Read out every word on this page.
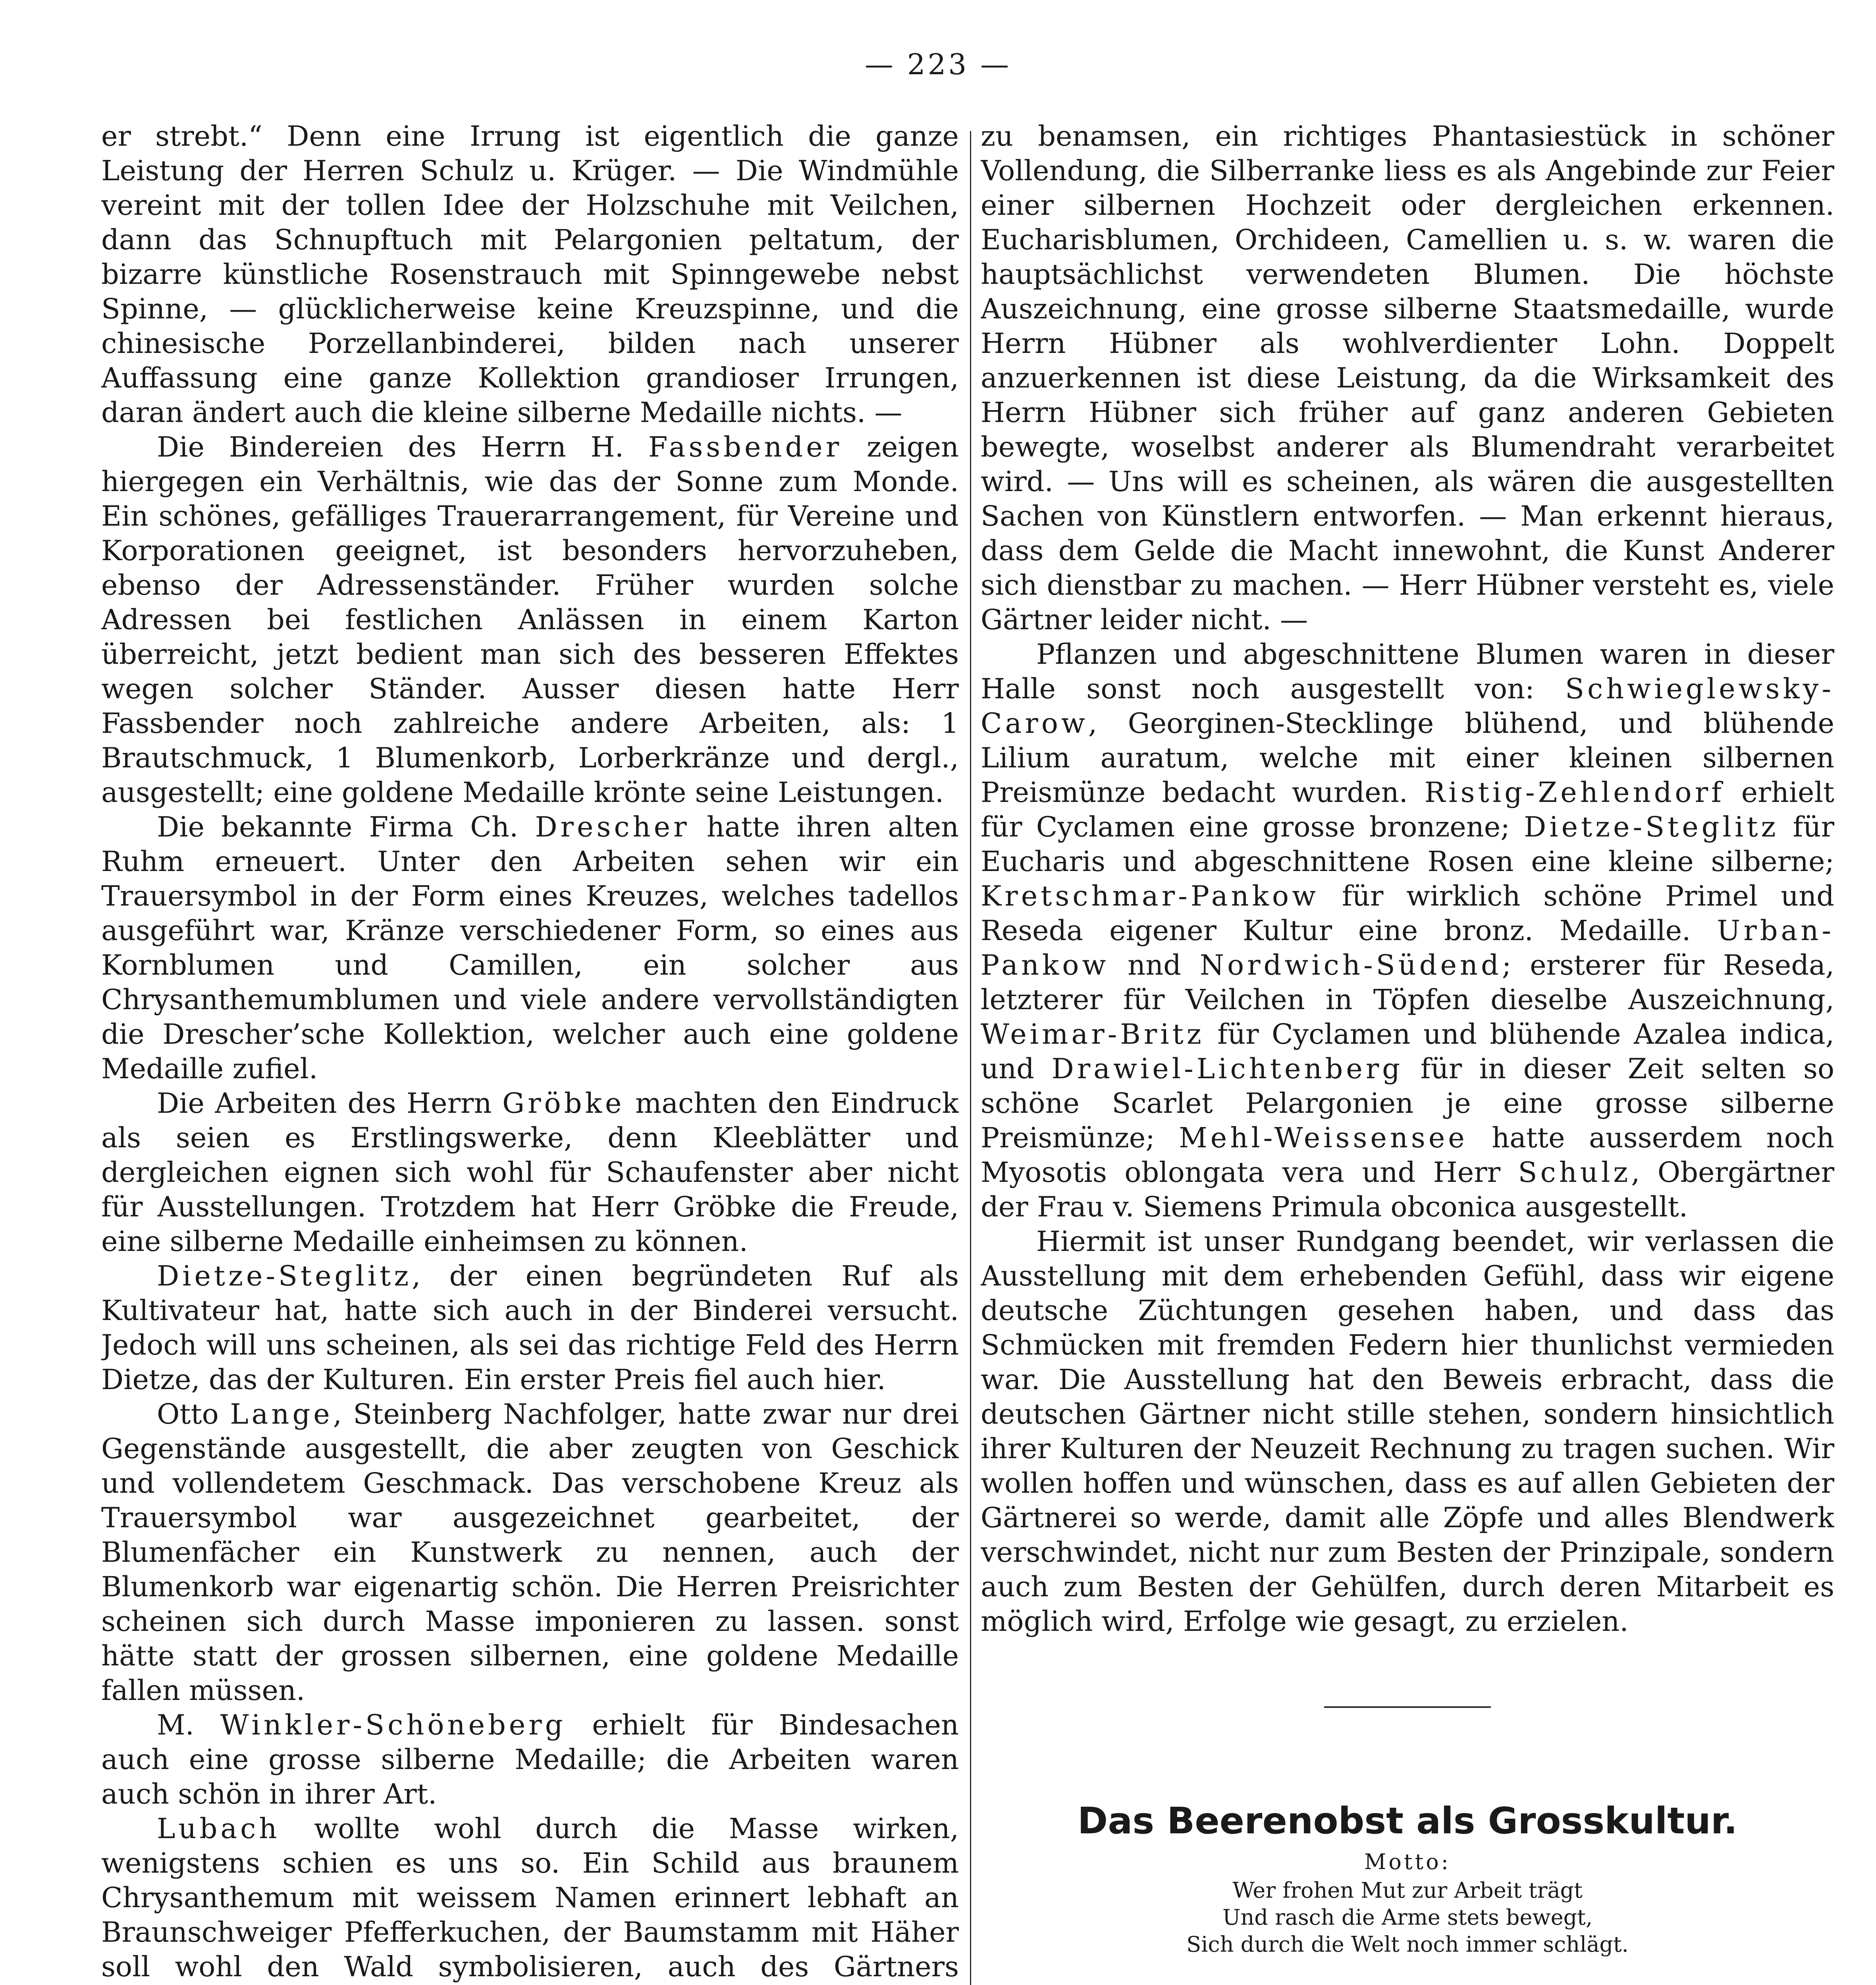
— 223 —

er strebt.“ Denn eine Irrung ist eigentlich die ganze Leistung der Herren Schulz u. Krüger. — Die Windmühle vereint mit der tollen Idee der Holzschuhe mit Veilchen, dann das Schnupftuch mit Pelargonien peltatum, der bizarre künstliche Rosenstrauch mit Spinngewebe nebst Spinne, — glücklicherweise keine Kreuzspinne, und die chinesische Porzellanbinderei, bilden nach unserer Auffassung eine ganze Kollektion grandioser Irrungen, daran ändert auch die kleine silberne Medaille nichts. —

Die Bindereien des Herrn H. Fassbender zeigen hiergegen ein Verhältnis, wie das der Sonne zum Monde. Ein schönes, gefälliges Trauerarrangement, für Vereine und Korporationen geeignet, ist besonders hervorzuheben, ebenso der Adressenständer. Früher wurden solche Adressen bei festlichen Anlässen in einem Karton überreicht, jetzt bedient man sich des besseren Effektes wegen solcher Ständer. Ausser diesen hatte Herr Fassbender noch zahlreiche andere Arbeiten, als: 1 Brautschmuck, 1 Blumenkorb, Lorberkränze und dergl., ausgestellt; eine goldene Medaille krönte seine Leistungen.

Die bekannte Firma Ch. Drescher hatte ihren alten Ruhm erneuert. Unter den Arbeiten sehen wir ein Trauersymbol in der Form eines Kreuzes, welches tadellos ausgeführt war, Kränze verschiedener Form, so eines aus Kornblumen und Camillen, ein solcher aus Chrysanthemumblumen und viele andere vervollständigten die Drescher’sche Kollektion, welcher auch eine goldene Medaille zufiel.

Die Arbeiten des Herrn Gröbke machten den Eindruck als seien es Erstlingswerke, denn Kleeblätter und dergleichen eignen sich wohl für Schaufenster aber nicht für Ausstellungen. Trotzdem hat Herr Gröbke die Freude, eine silberne Medaille einheimsen zu können.

Dietze-Steglitz, der einen begründeten Ruf als Kultivateur hat, hatte sich auch in der Binderei versucht. Jedoch will uns scheinen, als sei das richtige Feld des Herrn Dietze, das der Kulturen. Ein erster Preis fiel auch hier.

Otto Lange, Steinberg Nachfolger, hatte zwar nur drei Gegenstände ausgestellt, die aber zeugten von Geschick und vollendetem Geschmack. Das verschobene Kreuz als Trauersymbol war ausgezeichnet gearbeitet, der Blumenfächer ein Kunstwerk zu nennen, auch der Blumenkorb war eigenartig schön. Die Herren Preisrichter scheinen sich durch Masse imponieren zu lassen. sonst hätte statt der grossen silbernen, eine goldene Medaille fallen müssen.

M. Winkler-Schöneberg erhielt für Bindesachen auch eine grosse silberne Medaille; die Arbeiten waren auch schön in ihrer Art.

Lubach wollte wohl durch die Masse wirken, wenigstens schien es uns so. Ein Schild aus braunem Chrysanthemum mit weissem Namen erinnert lebhaft an Braunschweiger Pfefferkuchen, der Baumstamm mit Häher soll wohl den Wald symbolisieren, auch des Gärtners

zu benamsen, ein richtiges Phantasiestück in schöner Vollendung, die Silberranke liess es als Angebinde zur Feier einer silbernen Hochzeit oder dergleichen erkennen. Eucharisblumen, Orchideen, Camellien u. s. w. waren die hauptsächlichst verwendeten Blumen. Die höchste Auszeichnung, eine grosse silberne Staatsmedaille, wurde Herrn Hübner als wohlverdienter Lohn. Doppelt anzuerkennen ist diese Leistung, da die Wirksamkeit des Herrn Hübner sich früher auf ganz anderen Gebieten bewegte, woselbst anderer als Blumendraht verarbeitet wird. — Uns will es scheinen, als wären die ausgestellten Sachen von Künstlern entworfen. — Man erkennt hieraus, dass dem Gelde die Macht innewohnt, die Kunst Anderer sich dienstbar zu machen. — Herr Hübner versteht es, viele Gärtner leider nicht. —

Pflanzen und abgeschnittene Blumen waren in dieser Halle sonst noch ausgestellt von: Schwieglewsky-Carow, Georginen-Stecklinge blühend, und blühende Lilium auratum, welche mit einer kleinen silbernen Preismünze bedacht wurden. Ristig-Zehlendorf erhielt für Cyclamen eine grosse bronzene; Dietze-Steglitz für Eucharis und abgeschnittene Rosen eine kleine silberne; Kretschmar-Pankow für wirklich schöne Primel und Reseda eigener Kultur eine bronz. Medaille. Urban-Pankow nnd Nordwich-Südend; ersterer für Reseda, letzterer für Veilchen in Töpfen dieselbe Auszeichnung, Weimar-Britz für Cyclamen und blühende Azalea indica, und Drawiel-Lichtenberg für in dieser Zeit selten so schöne Scarlet Pelargonien je eine grosse silberne Preismünze; Mehl-Weissensee hatte ausserdem noch Myosotis oblongata vera und Herr Schulz, Obergärtner der Frau v. Siemens Primula obconica ausgestellt.

Hiermit ist unser Rundgang beendet, wir verlassen die Ausstellung mit dem erhebenden Gefühl, dass wir eigene deutsche Züchtungen gesehen haben, und dass das Schmücken mit fremden Federn hier thunlichst vermieden war. Die Ausstellung hat den Beweis erbracht, dass die deutschen Gärtner nicht stille stehen, sondern hinsichtlich ihrer Kulturen der Neuzeit Rechnung zu tragen suchen. Wir wollen hoffen und wünschen, dass es auf allen Gebieten der Gärtnerei so werde, damit alle Zöpfe und alles Blendwerk verschwindet, nicht nur zum Besten der Prinzipale, sondern auch zum Besten der Gehülfen, durch deren Mitarbeit es möglich wird, Erfolge wie gesagt, zu erzielen.

Das Beerenobst als Grosskultur.
Motto:
Wer frohen Mut zur Arbeit trägt
Und rasch die Arme stets bewegt,
Sich durch die Welt noch immer schlägt.
